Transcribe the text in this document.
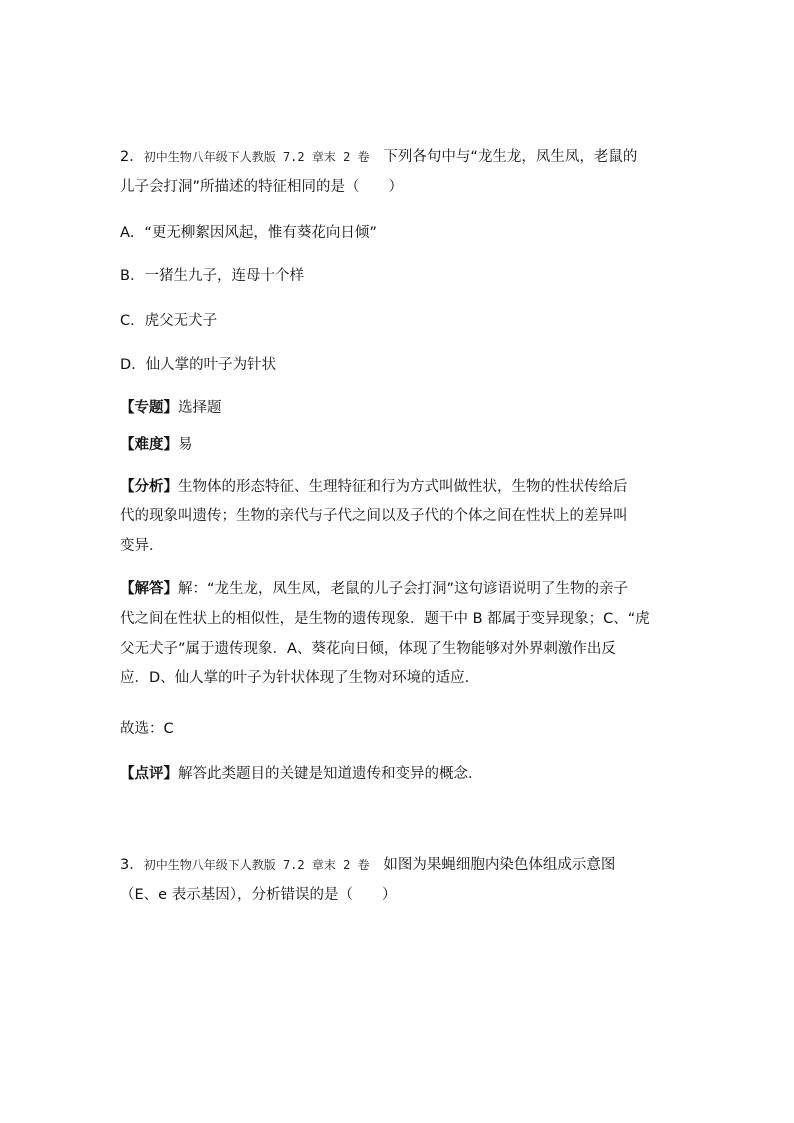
2．初中生物八年级下人教版 7.2 章末 2 卷 下列各句中与“龙生龙，凤生凤，老鼠的
儿子会打洞”所描述的特征相同的是（　　）
A．“更无柳絮因风起，惟有葵花向日倾”
B．一猪生九子，连母十个样
C．虎父无犬子
D．仙人掌的叶子为针状
【专题】选择题
【难度】易
【分析】生物体的形态特征、生理特征和行为方式叫做性状，生物的性状传给后
代的现象叫遗传；生物的亲代与子代之间以及子代的个体之间在性状上的差异叫
变异．
【解答】解：“龙生龙，凤生凤，老鼠的儿子会打洞”这句谚语说明了生物的亲子
代之间在性状上的相似性，是生物的遗传现象．题干中 B 都属于变异现象；C、“虎
父无犬子”属于遗传现象．A、葵花向日倾，体现了生物能够对外界刺激作出反
应．D、仙人掌的叶子为针状体现了生物对环境的适应．
故选：C
【点评】解答此类题目的关键是知道遗传和变异的概念．
3．初中生物八年级下人教版 7.2 章末 2 卷 如图为果蝇细胞内染色体组成示意图
（E、e 表示基因），分析错误的是（　　）
